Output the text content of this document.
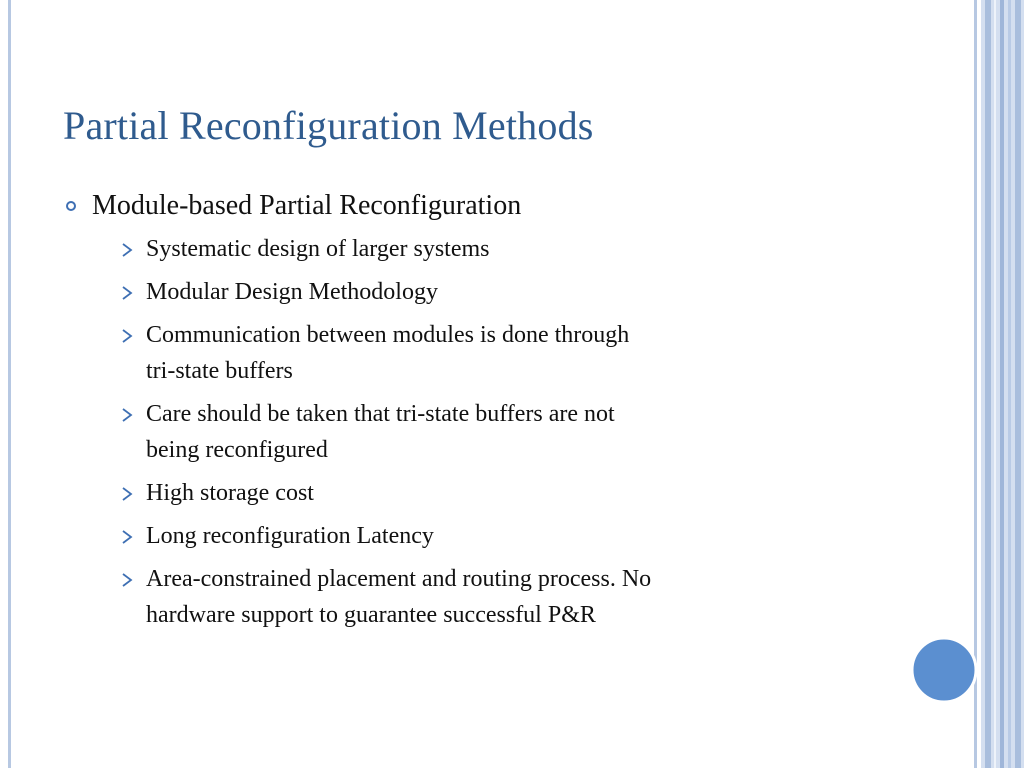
Partial Reconfiguration Methods
Module-based Partial Reconfiguration
Systematic design of larger systems
Modular Design Methodology
Communication between modules is done through
tri-state buffers
Care should be taken that tri-state buffers are not
being reconfigured
High storage cost
Long reconfiguration Latency
Area-constrained placement and routing process. No
hardware support to guarantee successful P&R
